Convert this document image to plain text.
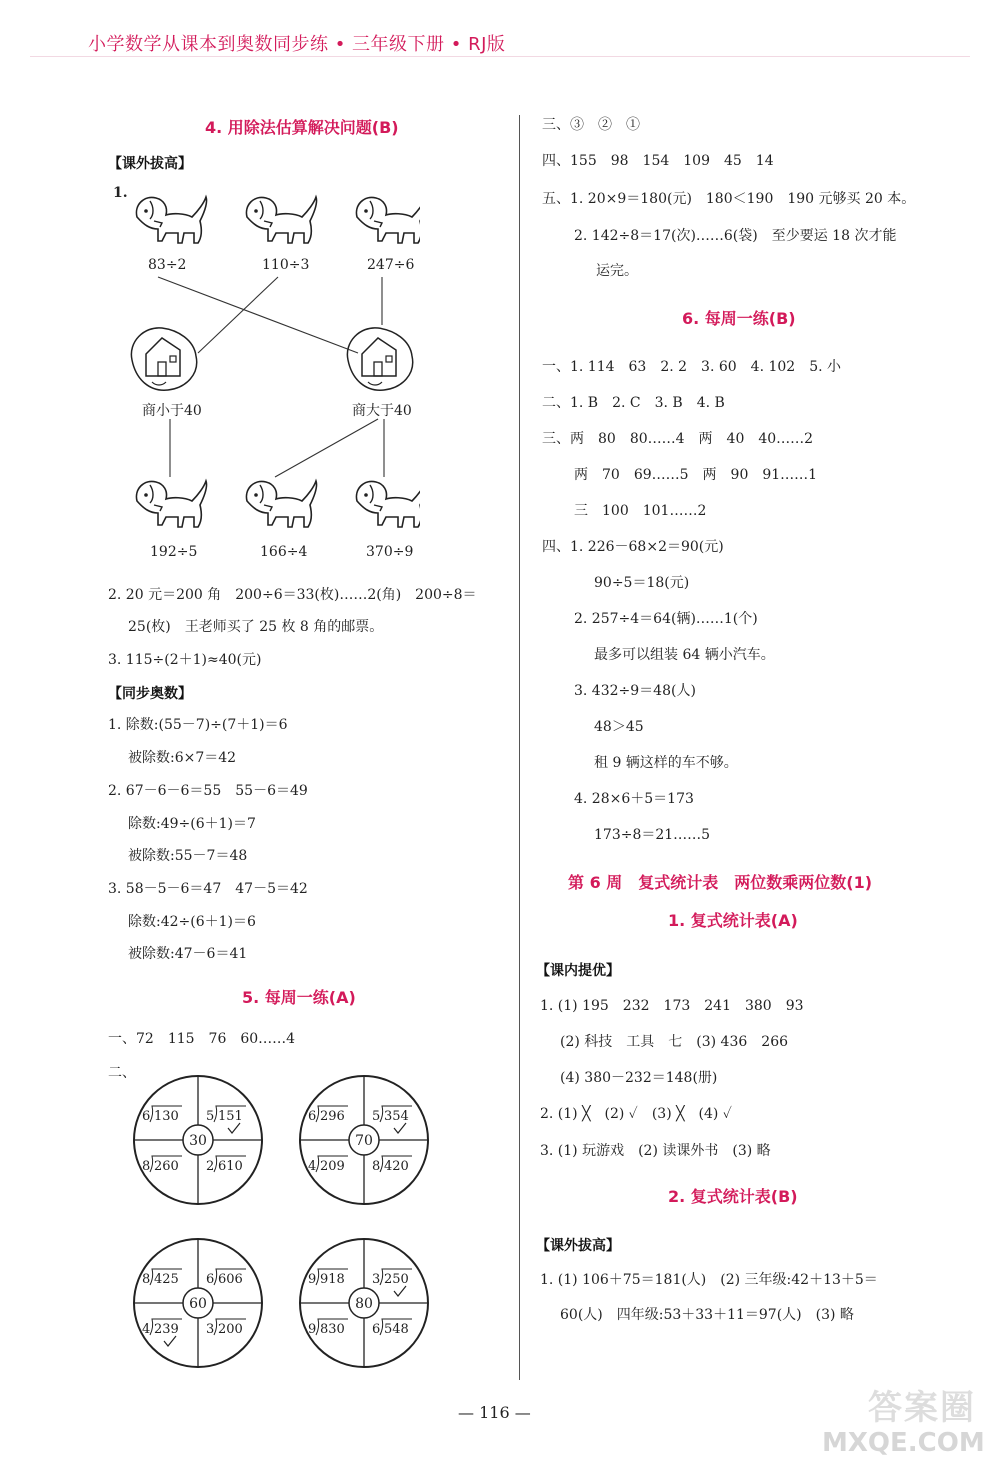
小学数学从课本到奥数同步练 • 三年级下册 • RJ版
4. 用除法估算解决问题(B)
【课外拔高】
1.
83÷2	110÷3	247÷6
商小于40	商大于40
192÷5	166÷4	370÷9
2. 20 元＝200 角　200÷6＝33(枚)……2(角)　200÷8＝
25(枚)　王老师买了 25 枚 8 角的邮票。
3. 115÷(2＋1)≈40(元)
【同步奥数】
1. 除数:(55－7)÷(7＋1)＝6
被除数:6×7＝42
2. 67－6－6＝55　55－6＝49
除数:49÷(6＋1)＝7
被除数:55－7＝48
3. 58－5－6＝47　47－5＝42
除数:42÷(6＋1)＝6
被除数:47－6＝41
5. 每周一练(A)
一、72　115　76　60……4
二、
30
6 130 5 151
8 260 2 610
70
6 296 5 354
4 209 8 420
60
8 425 6 606
4 239 3 200
80
9 918 3 250
9 830 6 548
三、③　②　①
四、155　98　154　109　45　14
五、1. 20×9＝180(元)　180＜190　190 元够买 20 本。
2. 142÷8＝17(次)……6(袋)　至少要运 18 次才能
运完。
6. 每周一练(B)
一、1. 114　63　2. 2　3. 60　4. 102　5. 小
二、1. B　2. C　3. B　4. B
三、两　80　80……4　两　40　40……2
两　70　69……5　两　90　91……1
三　100　101……2
四、1. 226－68×2＝90(元)
90÷5＝18(元)
2. 257÷4＝64(辆)……1(个)
最多可以组装 64 辆小汽车。
3. 432÷9＝48(人)
48＞45
租 9 辆这样的车不够。
4. 28×6＋5＝173
173÷8＝21……5
第 6 周　复式统计表　两位数乘两位数(1)
1. 复式统计表(A)
【课内提优】
1. (1) 195　232　173　241　380　93
(2) 科技　工具　七　(3) 436　266
(4) 380－232＝148(册)
2. (1) ╳　(2) ✓　(3) ╳　(4) ✓
3. (1) 玩游戏　(2) 读课外书　(3) 略
2. 复式统计表(B)
【课外拔高】
1. (1) 106＋75＝181(人)　(2) 三年级:42＋13＋5＝
60(人)　四年级:53＋33＋11＝97(人)　(3) 略
— 116 —	答案圈
MXQE.COM
